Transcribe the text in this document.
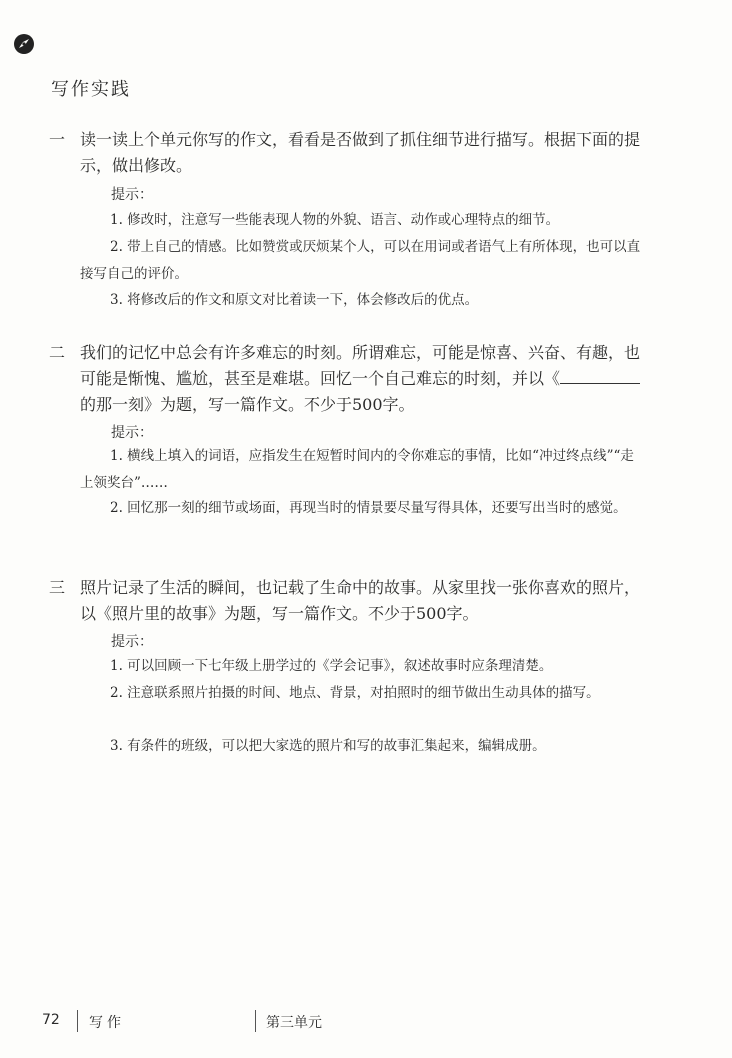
写作实践
一 读一读上个单元你写的作文，看看是否做到了抓住细节进行描写。根据下面的提示，做出修改。

提示：

1. 修改时，注意写一些能表现人物的外貌、语言、动作或心理特点的细节。

2. 带上自己的情感。比如赞赏或厌烦某个人，可以在用词或者语气上有所体现，也可以直接写自己的评价。

3. 将修改后的作文和原文对比着读一下，体会修改后的优点。

二 我们的记忆中总会有许多难忘的时刻。所谓难忘，可能是惊喜、兴奋、有趣，也可能是惭愧、尴尬，甚至是难堪。回忆一个自己难忘的时刻，并以《的那一刻》为题，写一篇作文。不少于500字。

提示：

1. 横线上填入的词语，应指发生在短暂时间内的令你难忘的事情，比如“冲过终点线”“走上领奖台”……

2. 回忆那一刻的细节或场面，再现当时的情景要尽量写得具体，还要写出当时的感觉。

三 照片记录了生活的瞬间，也记载了生命中的故事。从家里找一张你喜欢的照片，以《照片里的故事》为题，写一篇作文。不少于500字。

提示：

1. 可以回顾一下七年级上册学过的《学会记事》，叙述故事时应条理清楚。

2. 注意联系照片拍摄的时间、地点、背景，对拍照时的细节做出生动具体的描写。

3. 有条件的班级，可以把大家选的照片和写的故事汇集起来，编辑成册。

72 写作	第三单元
